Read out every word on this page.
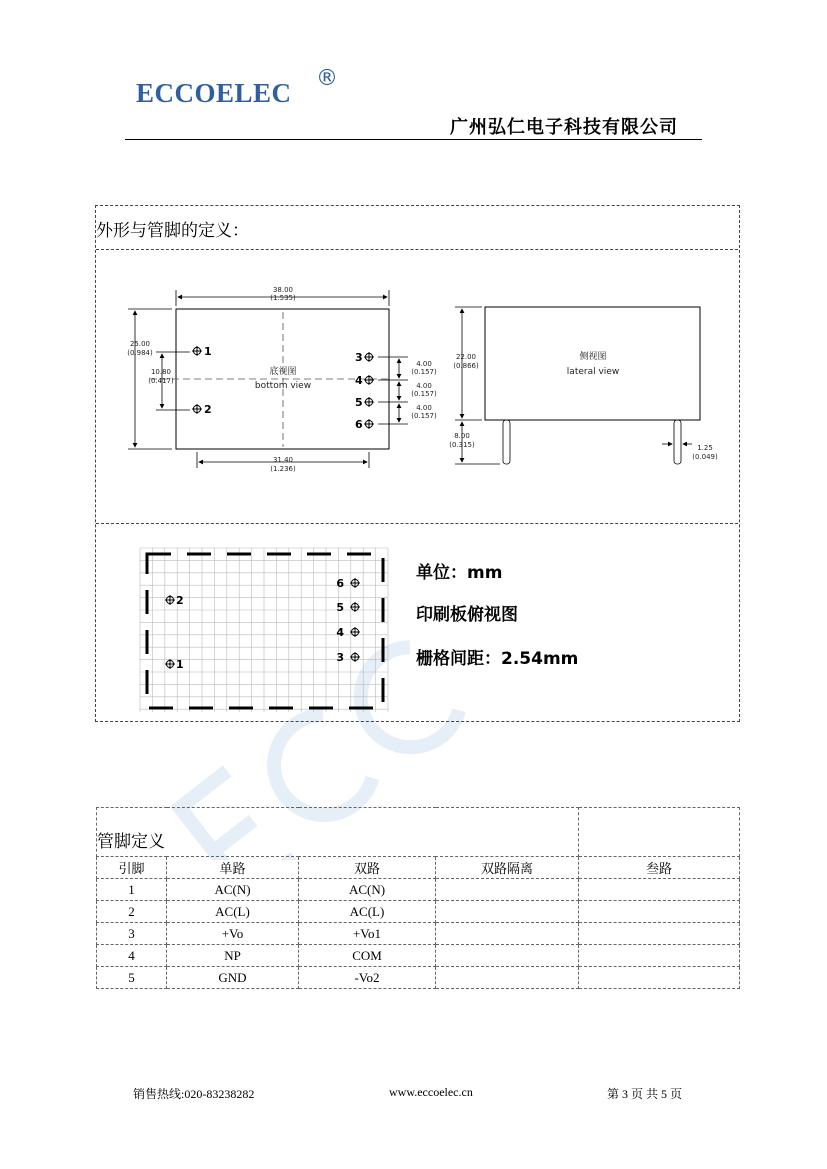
ECCOELEC ®
广州弘仁电子科技有限公司
外形与管脚的定义：
1
2
3
4
5
6
38.00
(1.535)
25.00
(0.984)
10.80
(0.417)
31.40
(1.236)
4.00
(0.157)
4.00
(0.157)
4.00
(0.157)
22.00
(0.866)
8.00
(0.315)	1.25
(0.049)
底视图
bottom view
侧视图
lateral view
6
2
5
4
1
3
单位：mm
印刷板俯视图
栅格间距：2.54mm
管脚定义				
引脚	单路	双路	双路隔离	叁路
1	AC(N)	AC(N)		
2	AC(L)	AC(L)		
3	+Vo	+Vo1		
4	NP	COM		
5	GND	-Vo2		
销售热线:020-83238282	www.eccoelec.cn	第 3 页 共 5 页
